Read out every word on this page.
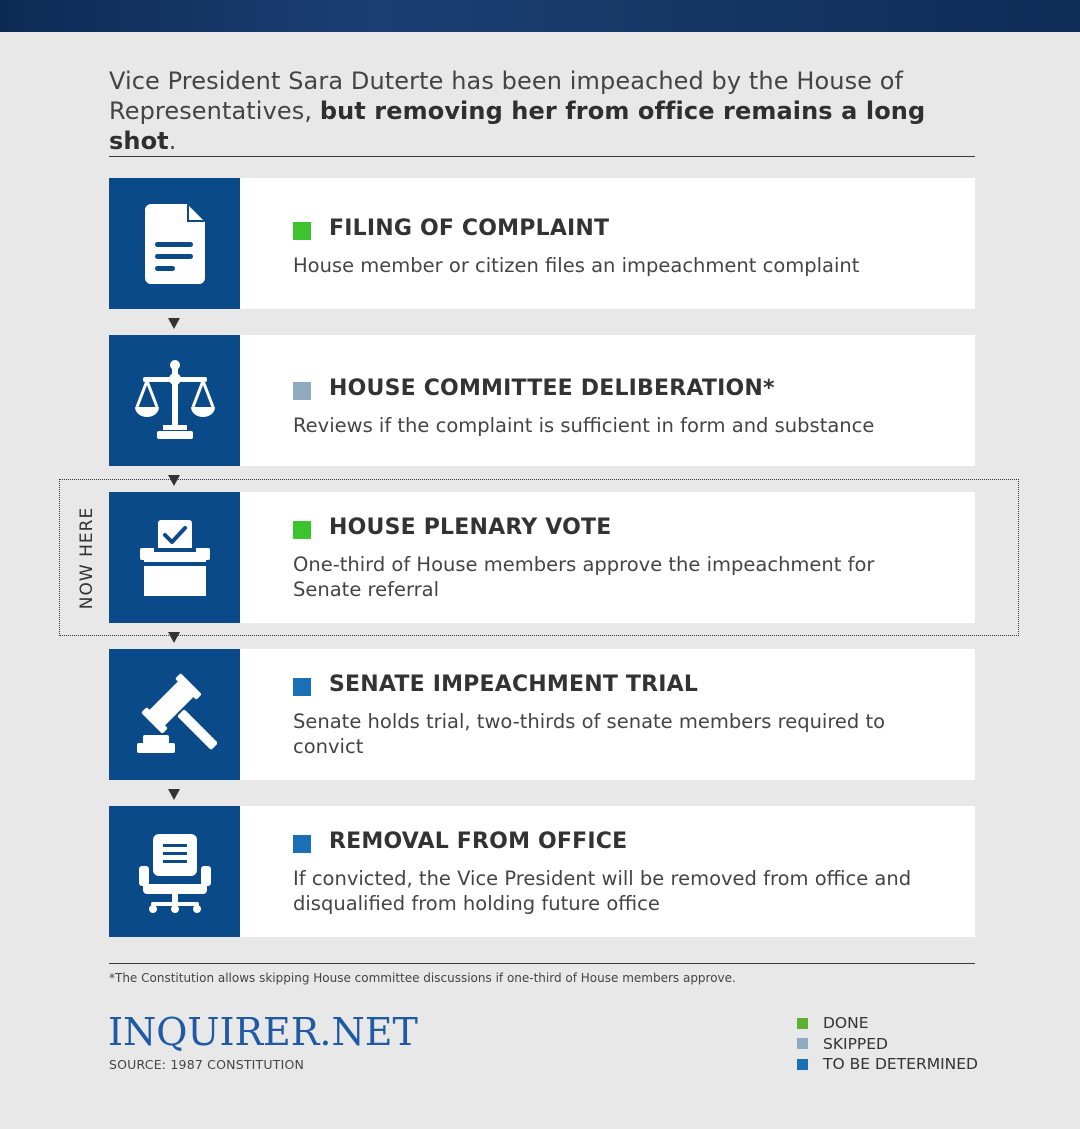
Vice President Sara Duterte has been impeached by the House of Representatives, but removing her from office remains a long shot.

FILING OF COMPLAINT
House member or citizen files an impeachment complaint
HOUSE COMMITTEE DELIBERATION*
Reviews if the complaint is sufficient in form and substance
NOW HERE	HOUSE PLENARY VOTE
One-third of House members approve the impeachment for Senate referral
SENATE IMPEACHMENT TRIAL
Senate holds trial, two-thirds of senate members required to convict
REMOVAL FROM OFFICE
If convicted, the Vice President will be removed from office and disqualified from holding future office
*The Constitution allows skipping House committee discussions if one-third of House members approve.
INQUIRER.NET
SOURCE: 1987 CONSTITUTION
DONE
SKIPPED
TO BE DETERMINED
